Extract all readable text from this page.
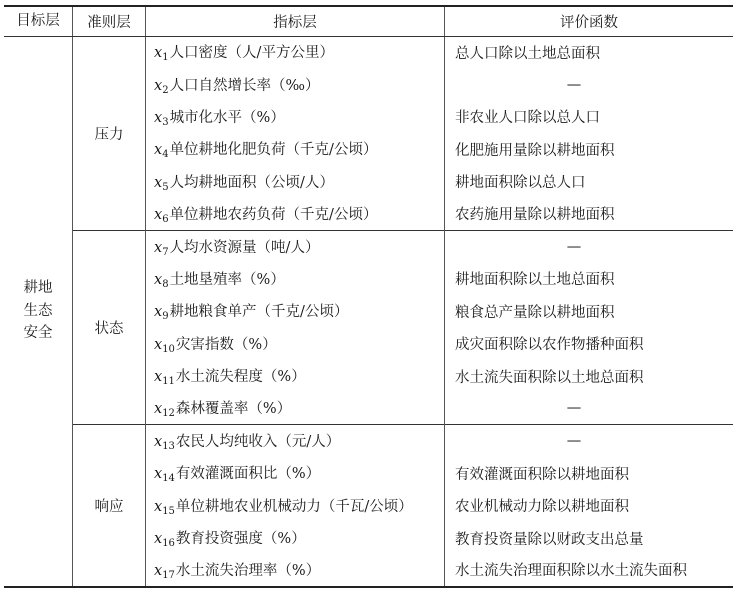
目标层	准则层	指标层	评价函数
耕地
生态
安全	压力	$x_1$人口密度（人/平方公里）	总人口除以土地总面积
		$x_2$人口自然增长率（‰）	—
		$x_3$城市化水平（%）	非农业人口除以总人口
		$x_4$单位耕地化肥负荷（千克/公顷）	化肥施用量除以耕地面积
		$x_5$人均耕地面积（公顷/人）	耕地面积除以总人口
		$x_6$单位耕地农药负荷（千克/公顷）	农药施用量除以耕地面积
	状态	$x_7$人均水资源量（吨/人）	—
		$x_8$土地垦殖率（%）	耕地面积除以土地总面积
		$x_9$耕地粮食单产（千克/公顷）	粮食总产量除以耕地面积
		$x_{10}$灾害指数（%）	成灾面积除以农作物播种面积
		$x_{11}$水土流失程度（%）	水土流失面积除以土地总面积
		$x_{12}$森林覆盖率（%）	—
	响应	$x_{13}$农民人均纯收入（元/人）	—
		$x_{14}$有效灌溉面积比（%）	有效灌溉面积除以耕地面积
		$x_{15}$单位耕地农业机械动力（千瓦/公顷）	农业机械动力除以耕地面积
		$x_{16}$教育投资强度（%）	教育投资量除以财政支出总量
		$x_{17}$水土流失治理率（%）	水土流失治理面积除以水土流失面积
